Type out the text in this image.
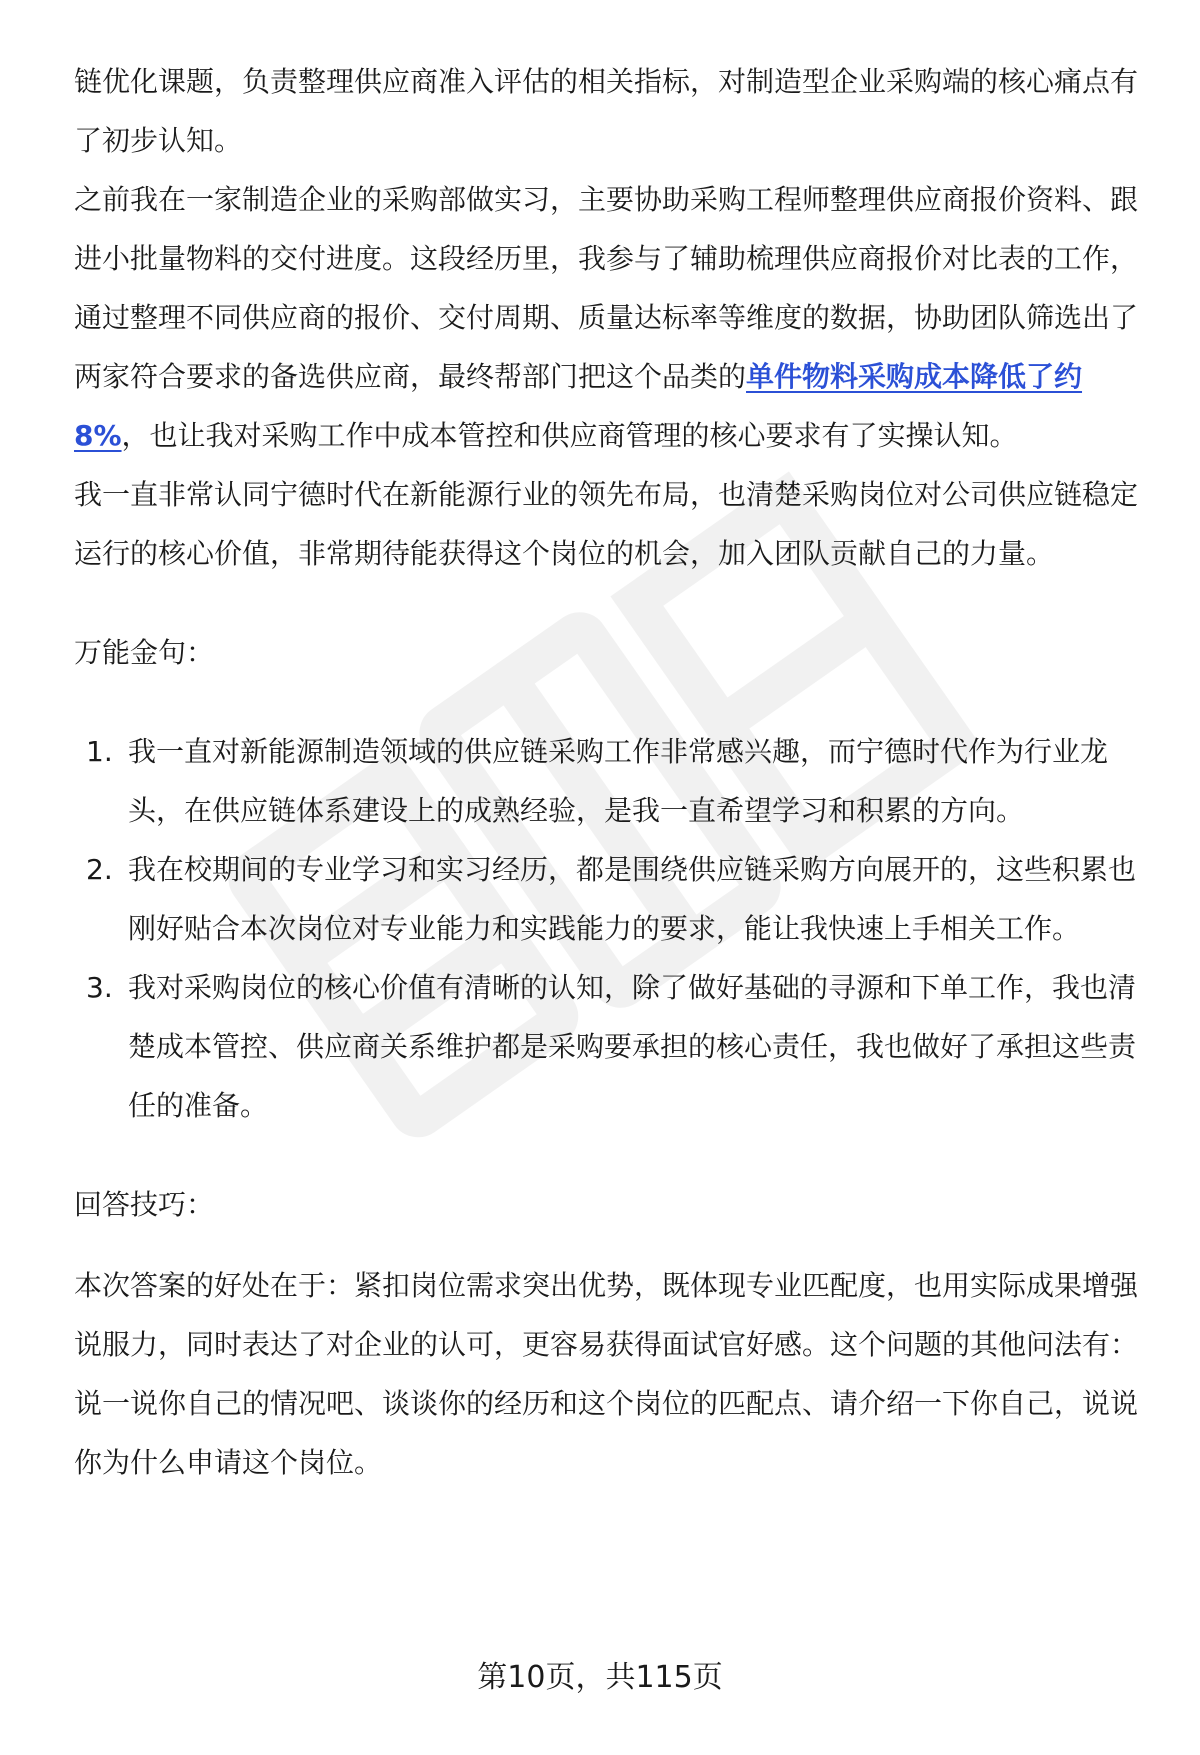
链优化课题，负责整理供应商准入评估的相关指标，对制造型企业采购端的核心痛点有了初步认知。

之前我在一家制造企业的采购部做实习，主要协助采购工程师整理供应商报价资料、跟进小批量物料的交付进度。这段经历里，我参与了辅助梳理供应商报价对比表的工作，通过整理不同供应商的报价、交付周期、质量达标率等维度的数据，协助团队筛选出了两家符合要求的备选供应商，最终帮部门把这个品类的单件物料采购成本降低了约8%，也让我对采购工作中成本管控和供应商管理的核心要求有了实操认知。

我一直非常认同宁德时代在新能源行业的领先布局，也清楚采购岗位对公司供应链稳定运行的核心价值，非常期待能获得这个岗位的机会，加入团队贡献自己的力量。

万能金句：

1. 我一直对新能源制造领域的供应链采购工作非常感兴趣，而宁德时代作为行业龙头，在供应链体系建设上的成熟经验，是我一直希望学习和积累的方向。
2. 我在校期间的专业学习和实习经历，都是围绕供应链采购方向展开的，这些积累也刚好贴合本次岗位对专业能力和实践能力的要求，能让我快速上手相关工作。
3. 我对采购岗位的核心价值有清晰的认知，除了做好基础的寻源和下单工作，我也清楚成本管控、供应商关系维护都是采购要承担的核心责任，我也做好了承担这些责任的准备。

回答技巧：

本次答案的好处在于：紧扣岗位需求突出优势，既体现专业匹配度，也用实际成果增强说服力，同时表达了对企业的认可，更容易获得面试官好感。这个问题的其他问法有：说一说你自己的情况吧、谈谈你的经历和这个岗位的匹配点、请介绍一下你自己，说说你为什么申请这个岗位。

第10页，共115页
